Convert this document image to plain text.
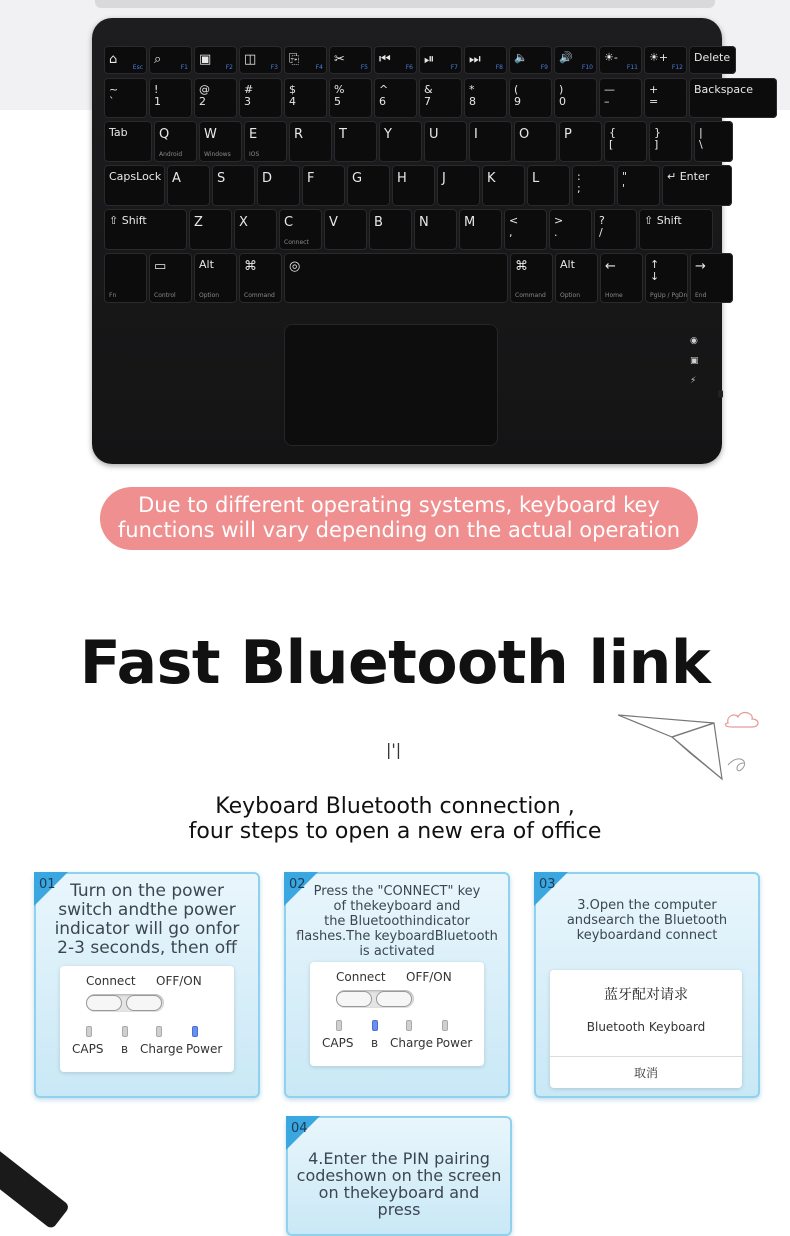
◉
▣
⚡
⌂
Esc
⌕
F1
▣
F2
◫
F3
⎘
F4
✂
F5
⏮
F6
⏯
F7
⏭
F8
🔈
F9
🔊
F10
☀-
F11
☀+
F12
Delete
~
`
!
1
@
2
#
3
$
4
%
5
^
6
&
7
*
8
(
9
)
0
—
–
+
=
Backspace
Tab Q
Android
W
Windows
E
IOS
R	T	Y	U	I	O	P	{
[
}
]
|
\
CapsLock A	S	D	F	G	H	J	K	L	:
;
"
'
↵ Enter
⇧ Shift	Z	X	C
Connect
V	B	N	M	<
,
>
.
?
/
⇧ Shift
Fn
▭
Control
Alt
Option
⌘
Command
◎	⌘
Command
Alt
Option
←
Home
↑
↓
PgUp / PgDn
→
End
Due to different operating systems, keyboard key
functions will vary depending on the actual operation
Fast Bluetooth link
|'|
Keyboard Bluetooth connection ,
four steps to open a new era of office
01 Turn on the power
switch andthe power
indicator will go onfor
2-3 seconds, then off
Connect OFF/ON
CAPS ʙ Charge Power
02 Press the "CONNECT" key
of thekeyboard and
the Bluetoothindicator
flashes.The keyboardBluetooth
is activated
Connect OFF/ON
CAPS ʙ Charge Power
03
3.Open the computer
andsearch the Bluetooth
keyboardand connect
蓝牙配对请求
Bluetooth Keyboard
取消
04
4.Enter the PIN pairing
codeshown on the screen
on thekeyboard and press
